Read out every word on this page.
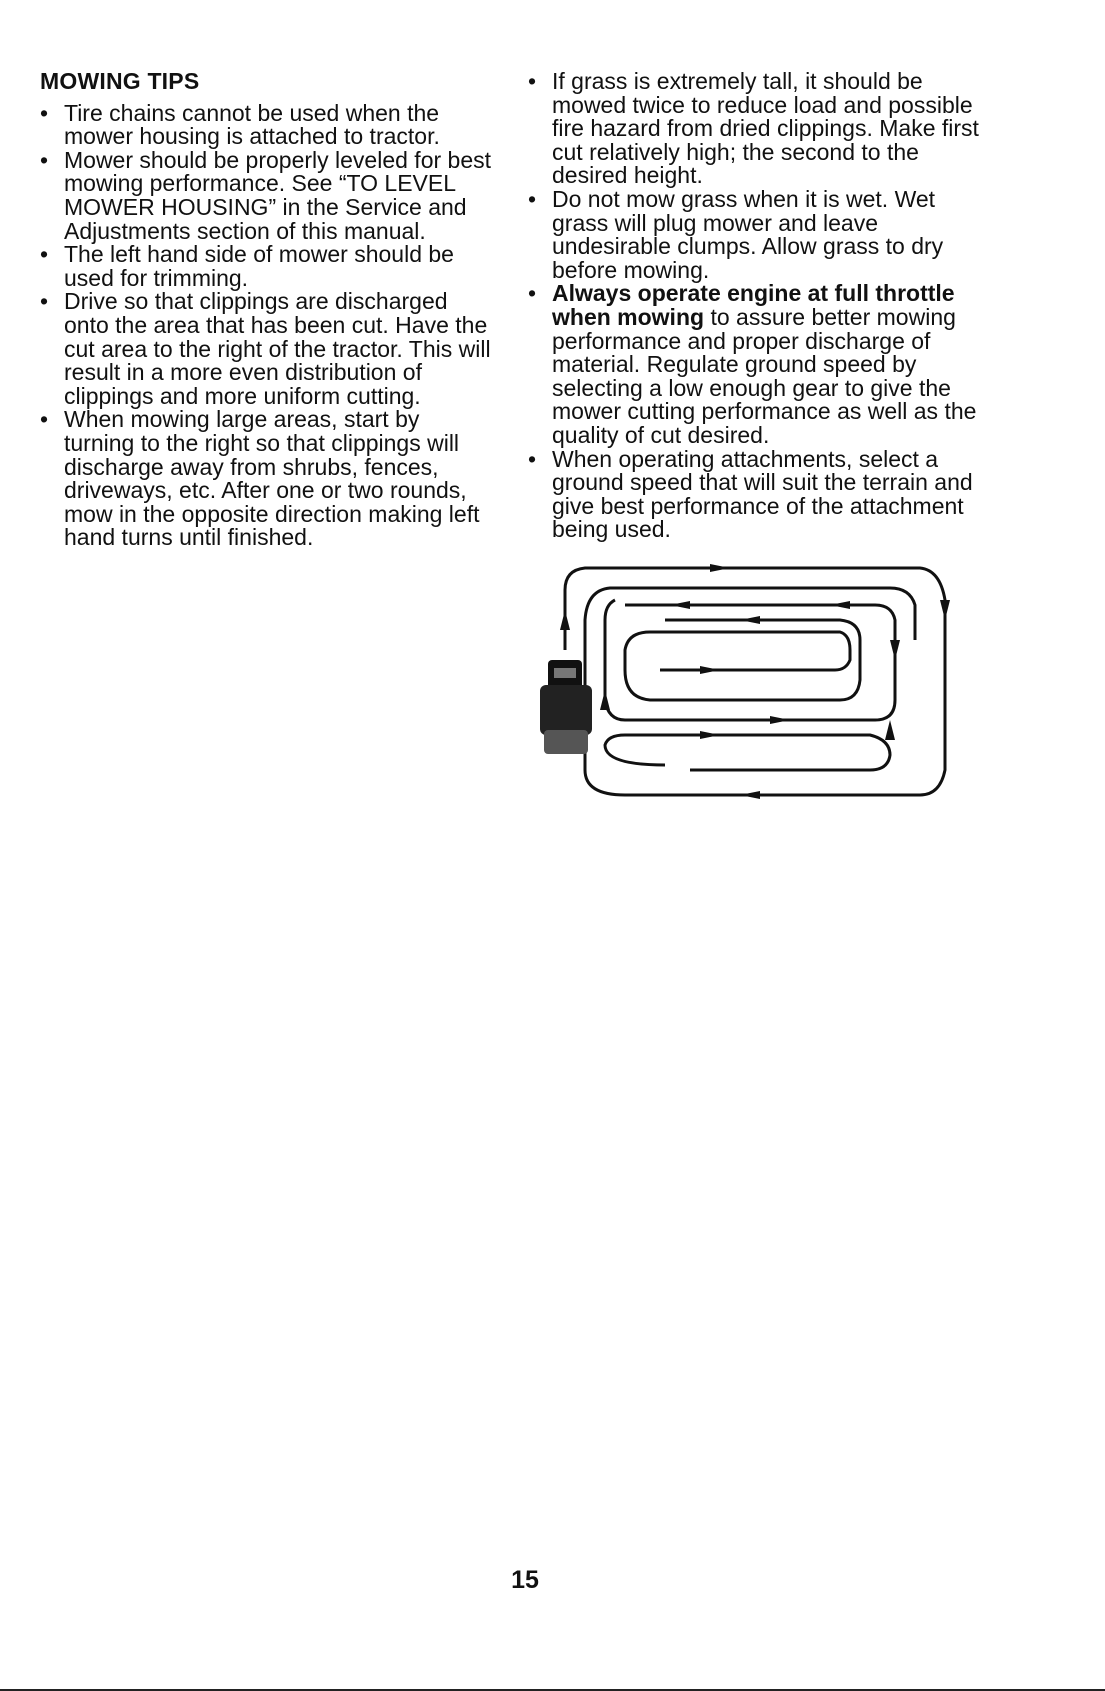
MOWING TIPS
• Tire chains cannot be used when the mower housing is attached to tractor.
• Mower should be properly leveled for best mowing performance. See “TO LEVEL MOWER HOUSING” in the Service and Adjustments section of this manual.
• The left hand side of mower should be used for trimming.
• Drive so that clippings are discharged onto the area that has been cut. Have the cut area to the right of the tractor. This will result in a more even distribution of clippings and more uniform cutting.
• When mowing large areas, start by turning to the right so that clippings will discharge away from shrubs, fences, driveways, etc. After one or two rounds, mow in the opposite direction making left hand turns until finished.
• If grass is extremely tall, it should be mowed twice to reduce load and possible fire hazard from dried clippings. Make first cut relatively high; the second to the desired height.
• Do not mow grass when it is wet. Wet grass will plug mower and leave undesirable clumps. Allow grass to dry before mowing.
• Always operate engine at full throttle when mowing to assure better mowing performance and proper discharge of material. Regulate ground speed by selecting a low enough gear to give the mower cutting performance as well as the quality of cut desired.
• When operating attachments, select a ground speed that will suit the terrain and give best performance of the attachment being used.
15
